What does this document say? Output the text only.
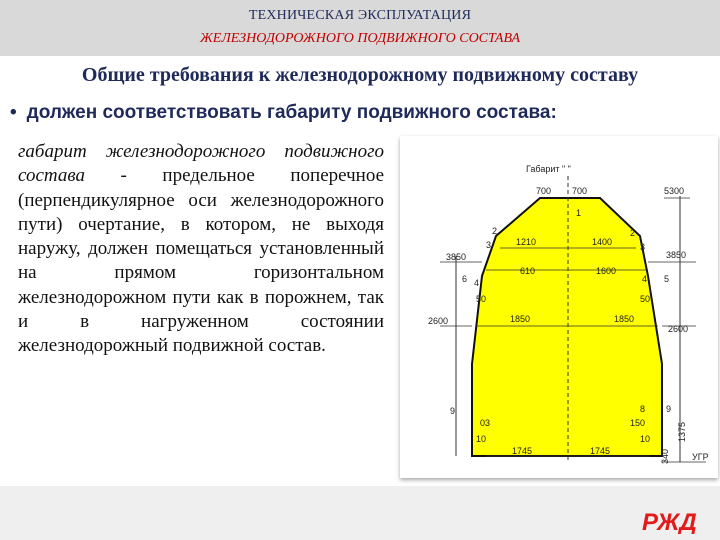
ТЕХНИЧЕСКАЯ ЭКСПЛУАТАЦИЯ
ЖЕЛЕЗНОДОРОЖНОГО ПОДВИЖНОГО СОСТАВА
Общие требования к железнодорожному подвижному составу
• должен соответствовать габариту подвижного состава:
габарит железнодорожного подвижного состава - предельное поперечное (перпендикулярное оси железнодорожного пути) очертание, в котором, не выходя наружу, должен помещаться установленный на прямом горизонтальном железнодорожном пути как в порожнем, так и в нагруженном состоянии железнодорожный подвижной состав.
Габарит " "
700 700	5300
1210	1400
3850	3850
610	1600
2600
2600
1850	1850
1745	1745
150	1375
340 УГР
50	50
03
10	10
1
2	2
3	3
4	4 5
6
8
9	9
РЖД
